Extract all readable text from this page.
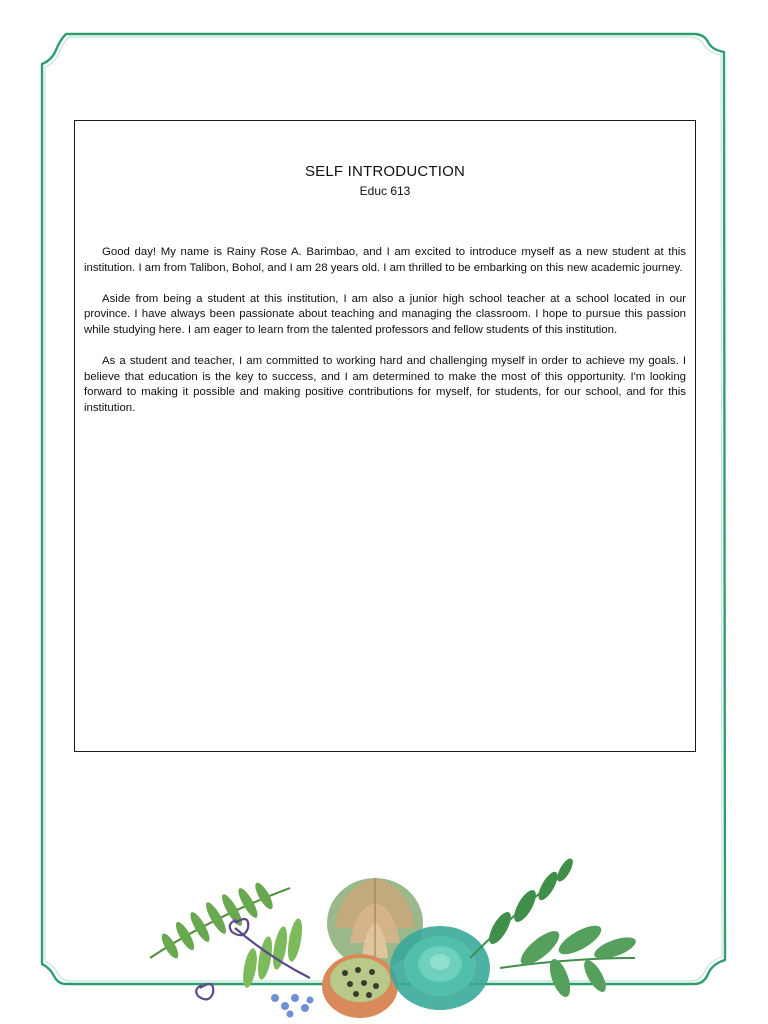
SELF INTRODUCTION
Educ 613

Good day! My name is Rainy Rose A. Barimbao, and I am excited to introduce myself as a new student at this institution. I am from Talibon, Bohol, and I am 28 years old. I am thrilled to be embarking on this new academic journey.

Aside from being a student at this institution, I am also a junior high school teacher at a school located in our province. I have always been passionate about teaching and managing the classroom. I hope to pursue this passion while studying here. I am eager to learn from the talented professors and fellow students of this institution.

As a student and teacher, I am committed to working hard and challenging myself in order to achieve my goals. I believe that education is the key to success, and I am determined to make the most of this opportunity. I'm looking forward to making it possible and making positive contributions for myself, for students, for our school, and for this institution.
